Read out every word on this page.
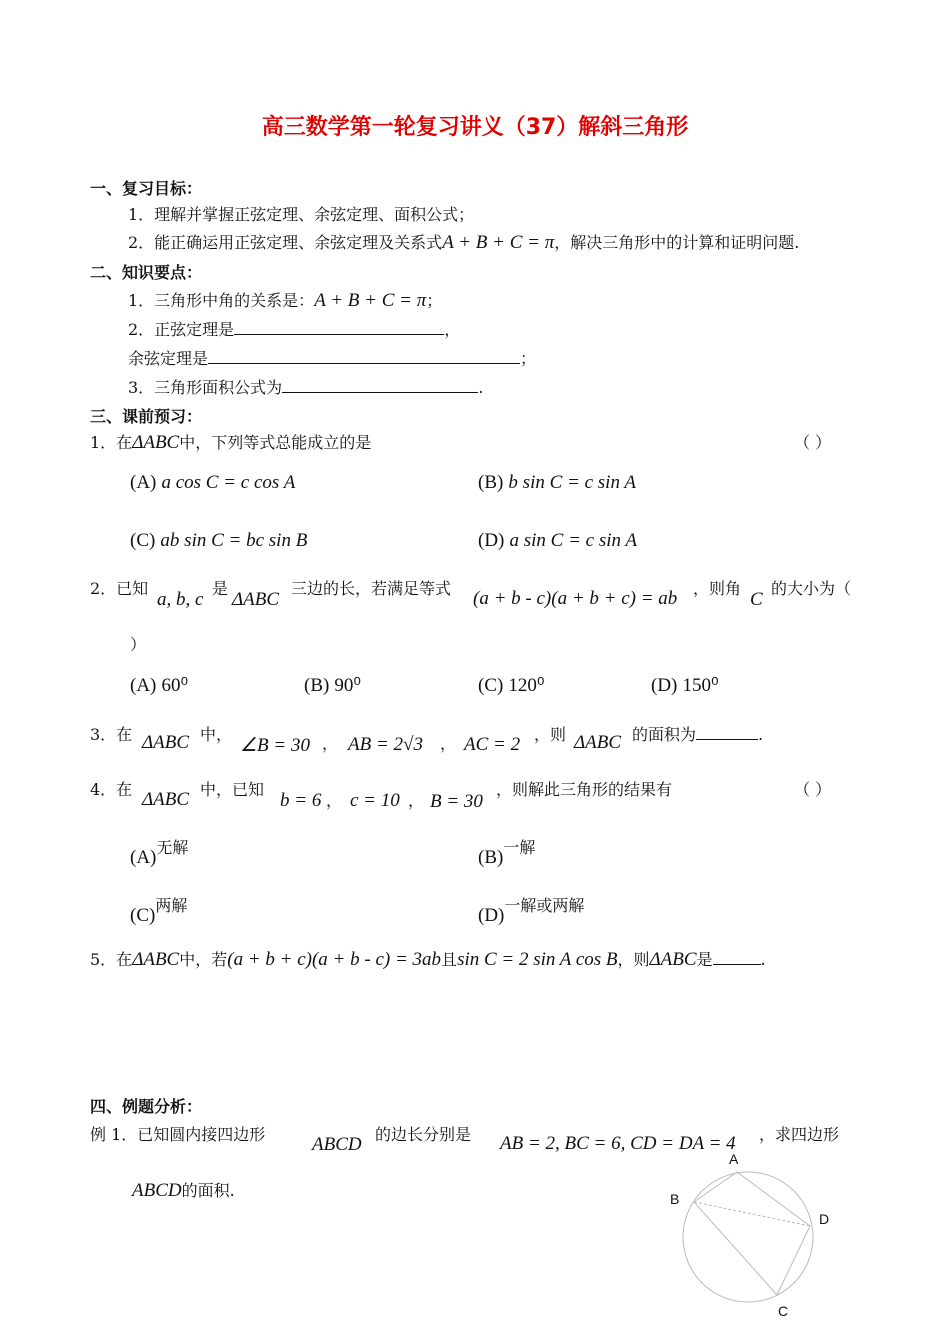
高三数学第一轮复习讲义（37）解斜三角形
一、复习目标：
1．理解并掌握正弦定理、余弦定理、面积公式；
2．能正确运用正弦定理、余弦定理及关系式A + B + C = π，解决三角形中的计算和证明问题.
二、知识要点：
1．三角形中角的关系是：A + B + C = π；
2．正弦定理是	，
余弦定理是	；
3．三角形面积公式为	.
三、课前预习：
1．在ΔABC中，下列等式总能成立的是	（ ）
(A) a cos C = c cos A	(B) b sin C = c sin A
(C) ab sin C = bc sin B	(D) a sin C = c sin A
2．已知
a, b, c
是
ΔABC
三边的长，若满足等式 (a + b - c)(a + b + c) = ab ，则角
C
的大小为（
）
(A) 60⁰	(B) 90⁰	(C) 120⁰	(D) 150⁰
3．在 ΔABC 中，
∠B = 30 ， AB = 2√3 ， AC = 2 ，则 ΔABC 的面积为	.
4．在 ΔABC 中，已知
b = 6 ， c = 10 ， B = 30
，则解此三角形的结果有	（ ）
(A)无解	(B)一解
(C)两解	(D)一解或两解
5．在ΔABC中，若(a + b + c)(a + b - c) = 3ab且sin C = 2 sin A cos B，则ΔABC是	.
四、例题分析：
例 1．已知圆内接四边形 ABCD 的边长分别是 AB = 2, BC = 6, CD = DA = 4 ，求四边形
ABCD的面积.
A
B
C
D
